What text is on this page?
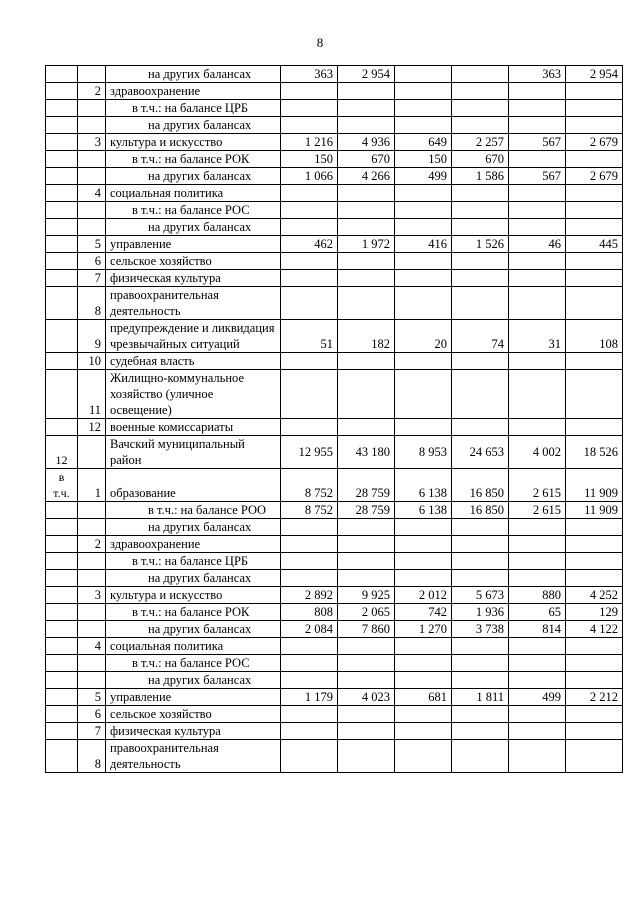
8
		на других балансах	363	2 954			363	2 954
	2	здравоохранение						
		в т.ч.: на балансе ЦРБ						
		на других балансах						
	3	культура и искусство	1 216	4 936	649	2 257	567	2 679
		в т.ч.: на балансе РОК	150	670	150	670		
		на других балансах	1 066	4 266	499	1 586	567	2 679
	4	социальная политика						
		в т.ч.: на балансе РОС						
		на других балансах						
	5	управление	462	1 972	416	1 526	46	445
	6	сельское хозяйство						
	7	физическая культура						
	8	правоохранительная деятельность						
	9	предупреждение и ликвидация чрезвычайных ситуаций	51	182	20	74	31	108
	10	судебная власть						
	11	Жилищно-коммунальное хозяйство (уличное освещение)						
	12	военные комиссариаты						
12		Вачский муниципальный район	12 955	43 180	8 953	24 653	4 002	18 526
в т.ч.	1	образование	8 752	28 759	6 138	16 850	2 615	11 909
		в т.ч.: на балансе РОО	8 752	28 759	6 138	16 850	2 615	11 909
		на других балансах						
	2	здравоохранение						
		в т.ч.: на балансе ЦРБ						
		на других балансах						
	3	культура и искусство	2 892	9 925	2 012	5 673	880	4 252
		в т.ч.: на балансе РОК	808	2 065	742	1 936	65	129
		на других балансах	2 084	7 860	1 270	3 738	814	4 122
	4	социальная политика						
		в т.ч.: на балансе РОС						
		на других балансах						
	5	управление	1 179	4 023	681	1 811	499	2 212
	6	сельское хозяйство						
	7	физическая культура						
	8	правоохранительная деятельность						
